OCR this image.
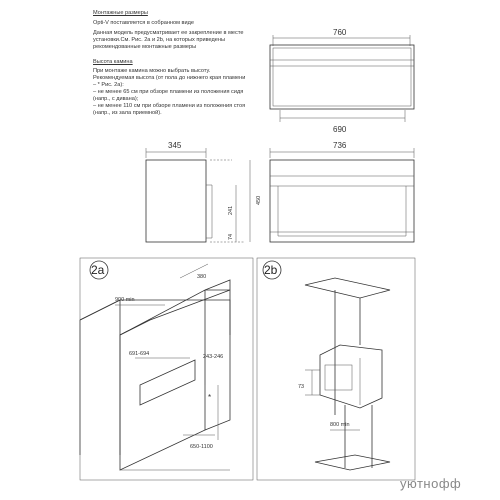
Монтажные размеры
Opti-V поставляется в собранном виде
Данная модель предусматривает ее закрепление в месте
установки.См. Рис. 2a и 2b, на которых приведены
рекомендованные монтажные размеры
Высота камина
При монтаже камина можно выбрать высоту.
Рекомендуемая высота (от пола до нижнего края пламени
– * Рис. 2a):
– не менее 65 см при обзоре пламени из положения сидя
(напр., с дивана);
– не менее 110 см при обзоре пламени из положения стоя
(напр., из зала приемной).
760
690
345
450
241
74
736
2a	380
900 min
691-694	243-246
*
650-1100
2b
73
800 min
уютнофф
